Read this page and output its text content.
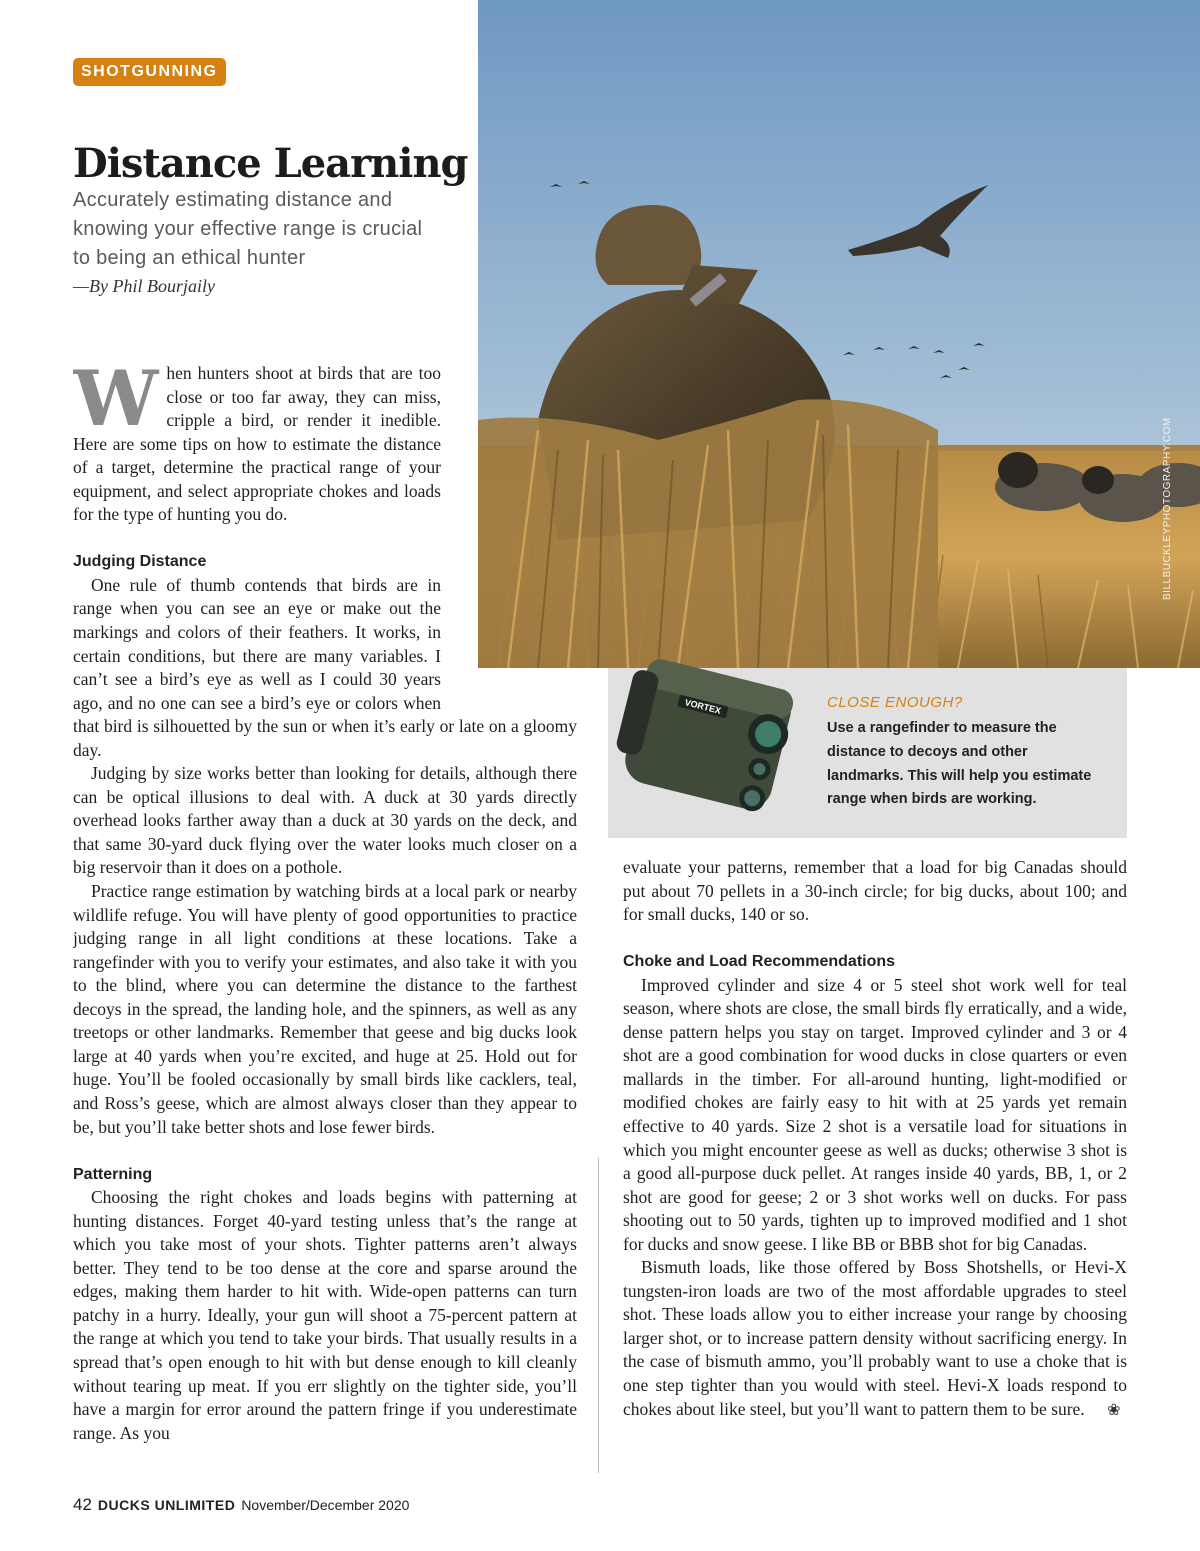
SHOTGUNNING
Distance Learning

Accurately estimating distance and knowing your effective range is crucial to being an ethical hunter

—By Phil Bourjaily

BILLBUCKLEYPHOTOGRAPHY.COM
VORTEX	CLOSE ENOUGH?

Use a rangefinder to measure the distance to decoys and other landmarks. This will help you estimate range when birds are working.

When hunters shoot at birds that are too close or too far away, they can miss, cripple a bird, or render it inedible. Here are some tips on how to estimate the distance of a target, determine the practical range of your equipment, and select appropriate chokes and loads for the type of hunting you do.

Judging Distance

One rule of thumb contends that birds are in range when you can see an eye or make out the markings and colors of their feathers. It works, in certain conditions, but there are many variables. I can’t see a bird’s eye as well as I could 30 years ago, and no one can see a bird’s eye or colors when that bird is silhouetted by the sun or when it’s early or late on a gloomy day.

Judging by size works better than looking for details, although there can be optical illusions to deal with. A duck at 30 yards directly overhead looks farther away than a duck at 30 yards on the deck, and that same 30-yard duck flying over the water looks much closer on a big reservoir than it does on a pothole.

Practice range estimation by watching birds at a local park or nearby wildlife refuge. You will have plenty of good opportunities to practice judging range in all light conditions at these locations. Take a rangefinder with you to verify your estimates, and also take it with you to the blind, where you can determine the distance to the farthest decoys in the spread, the landing hole, and the spinners, as well as any treetops or other landmarks. Remember that geese and big ducks look large at 40 yards when you’re excited, and huge at 25. Hold out for huge. You’ll be fooled occasionally by small birds like cacklers, teal, and Ross’s geese, which are almost always closer than they appear to be, but you’ll take better shots and lose fewer birds.

Patterning

Choosing the right chokes and loads begins with patterning at hunting distances. Forget 40-yard testing unless that’s the range at which you take most of your shots. Tighter patterns aren’t always better. They tend to be too dense at the core and sparse around the edges, making them harder to hit with. Wide-open patterns can turn patchy in a hurry. Ideally, your gun will shoot a 75-percent pattern at the range at which you tend to take your birds. That usually results in a spread that’s open enough to hit with but dense enough to kill cleanly without tearing up meat. If you err slightly on the tighter side, you’ll have a margin for error around the pattern fringe if you underestimate range. As you

evaluate your patterns, remember that a load for big Canadas should put about 70 pellets in a 30-inch circle; for big ducks, about 100; and for small ducks, 140 or so.

Choke and Load Recommendations

Improved cylinder and size 4 or 5 steel shot work well for teal season, where shots are close, the small birds fly erratically, and a wide, dense pattern helps you stay on target. Improved cylinder and 3 or 4 shot are a good combination for wood ducks in close quarters or even mallards in the timber. For all-around hunting, light-modified or modified chokes are fairly easy to hit with at 25 yards yet remain effective to 40 yards. Size 2 shot is a versatile load for situations in which you might encounter geese as well as ducks; otherwise 3 shot is a good all-purpose duck pellet. At ranges inside 40 yards, BB, 1, or 2 shot are good for geese; 2 or 3 shot works well on ducks. For pass shooting out to 50 yards, tighten up to improved modified and 1 shot for ducks and snow geese. I like BB or BBB shot for big Canadas.

Bismuth loads, like those offered by Boss Shotshells, or Hevi-X tungsten-iron loads are two of the most affordable upgrades to steel shot. These loads allow you to either increase your range by choosing larger shot, or to increase pattern density without sacrificing energy. In the case of bismuth ammo, you’ll probably want to use a choke that is one step tighter than you would with steel. Hevi-X loads respond to chokes about like steel, but you’ll want to pattern them to be sure. ❀

42 DUCKS UNLIMITED November/December 2020
